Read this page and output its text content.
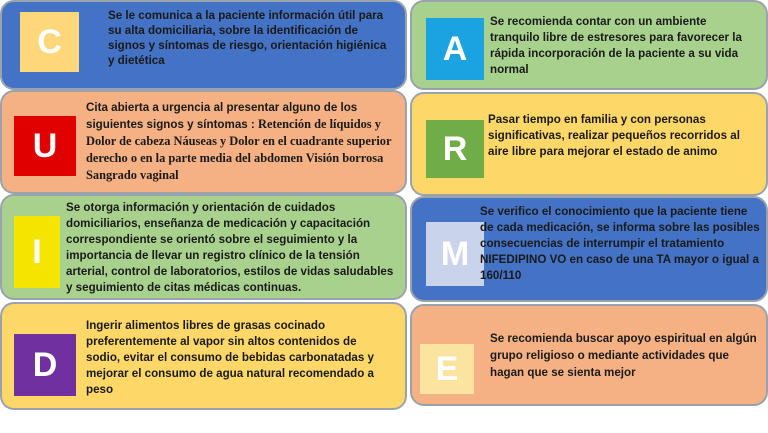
C
Se le comunica a la paciente información útil para su alta domiciliaria, sobre la identificación de signos y síntomas de riesgo, orientación higiénica y dietética
U
Cita abierta a urgencia al presentar alguno de los siguientes signos y síntomas : Retención de líquidos y Dolor de cabeza Náuseas y Dolor en el cuadrante superior derecho o en la parte media del abdomen Visión borrosa Sangrado vaginal
I
Se otorga información y orientación de cuidados domiciliarios, enseñanza de medicación y capacitación correspondiente se orientó sobre el seguimiento y la importancia de llevar un registro clínico de la tensión arterial, control de laboratorios, estilos de vidas saludables y seguimiento de citas médicas continuas.
D
Ingerir alimentos libres de grasas cocinado preferentemente al vapor sin altos contenidos de sodio, evitar el consumo de bebidas carbonatadas y mejorar el consumo de agua natural recomendado a peso
A
Se recomienda contar con un ambiente tranquilo libre de estresores para favorecer la rápida incorporación de la paciente a su vida normal
R
Pasar tiempo en familia y con personas significativas, realizar pequeños recorridos al aire libre para mejorar el estado de animo
M
Se verifico el conocimiento que la paciente tiene de cada medicación, se informa sobre las posibles consecuencias de interrumpir el tratamiento
NIFEDIPINO VO en caso de una TA mayor o igual a 160/110
E
Se recomienda buscar apoyo espiritual en algún grupo religioso o mediante actividades que hagan que se sienta mejor
